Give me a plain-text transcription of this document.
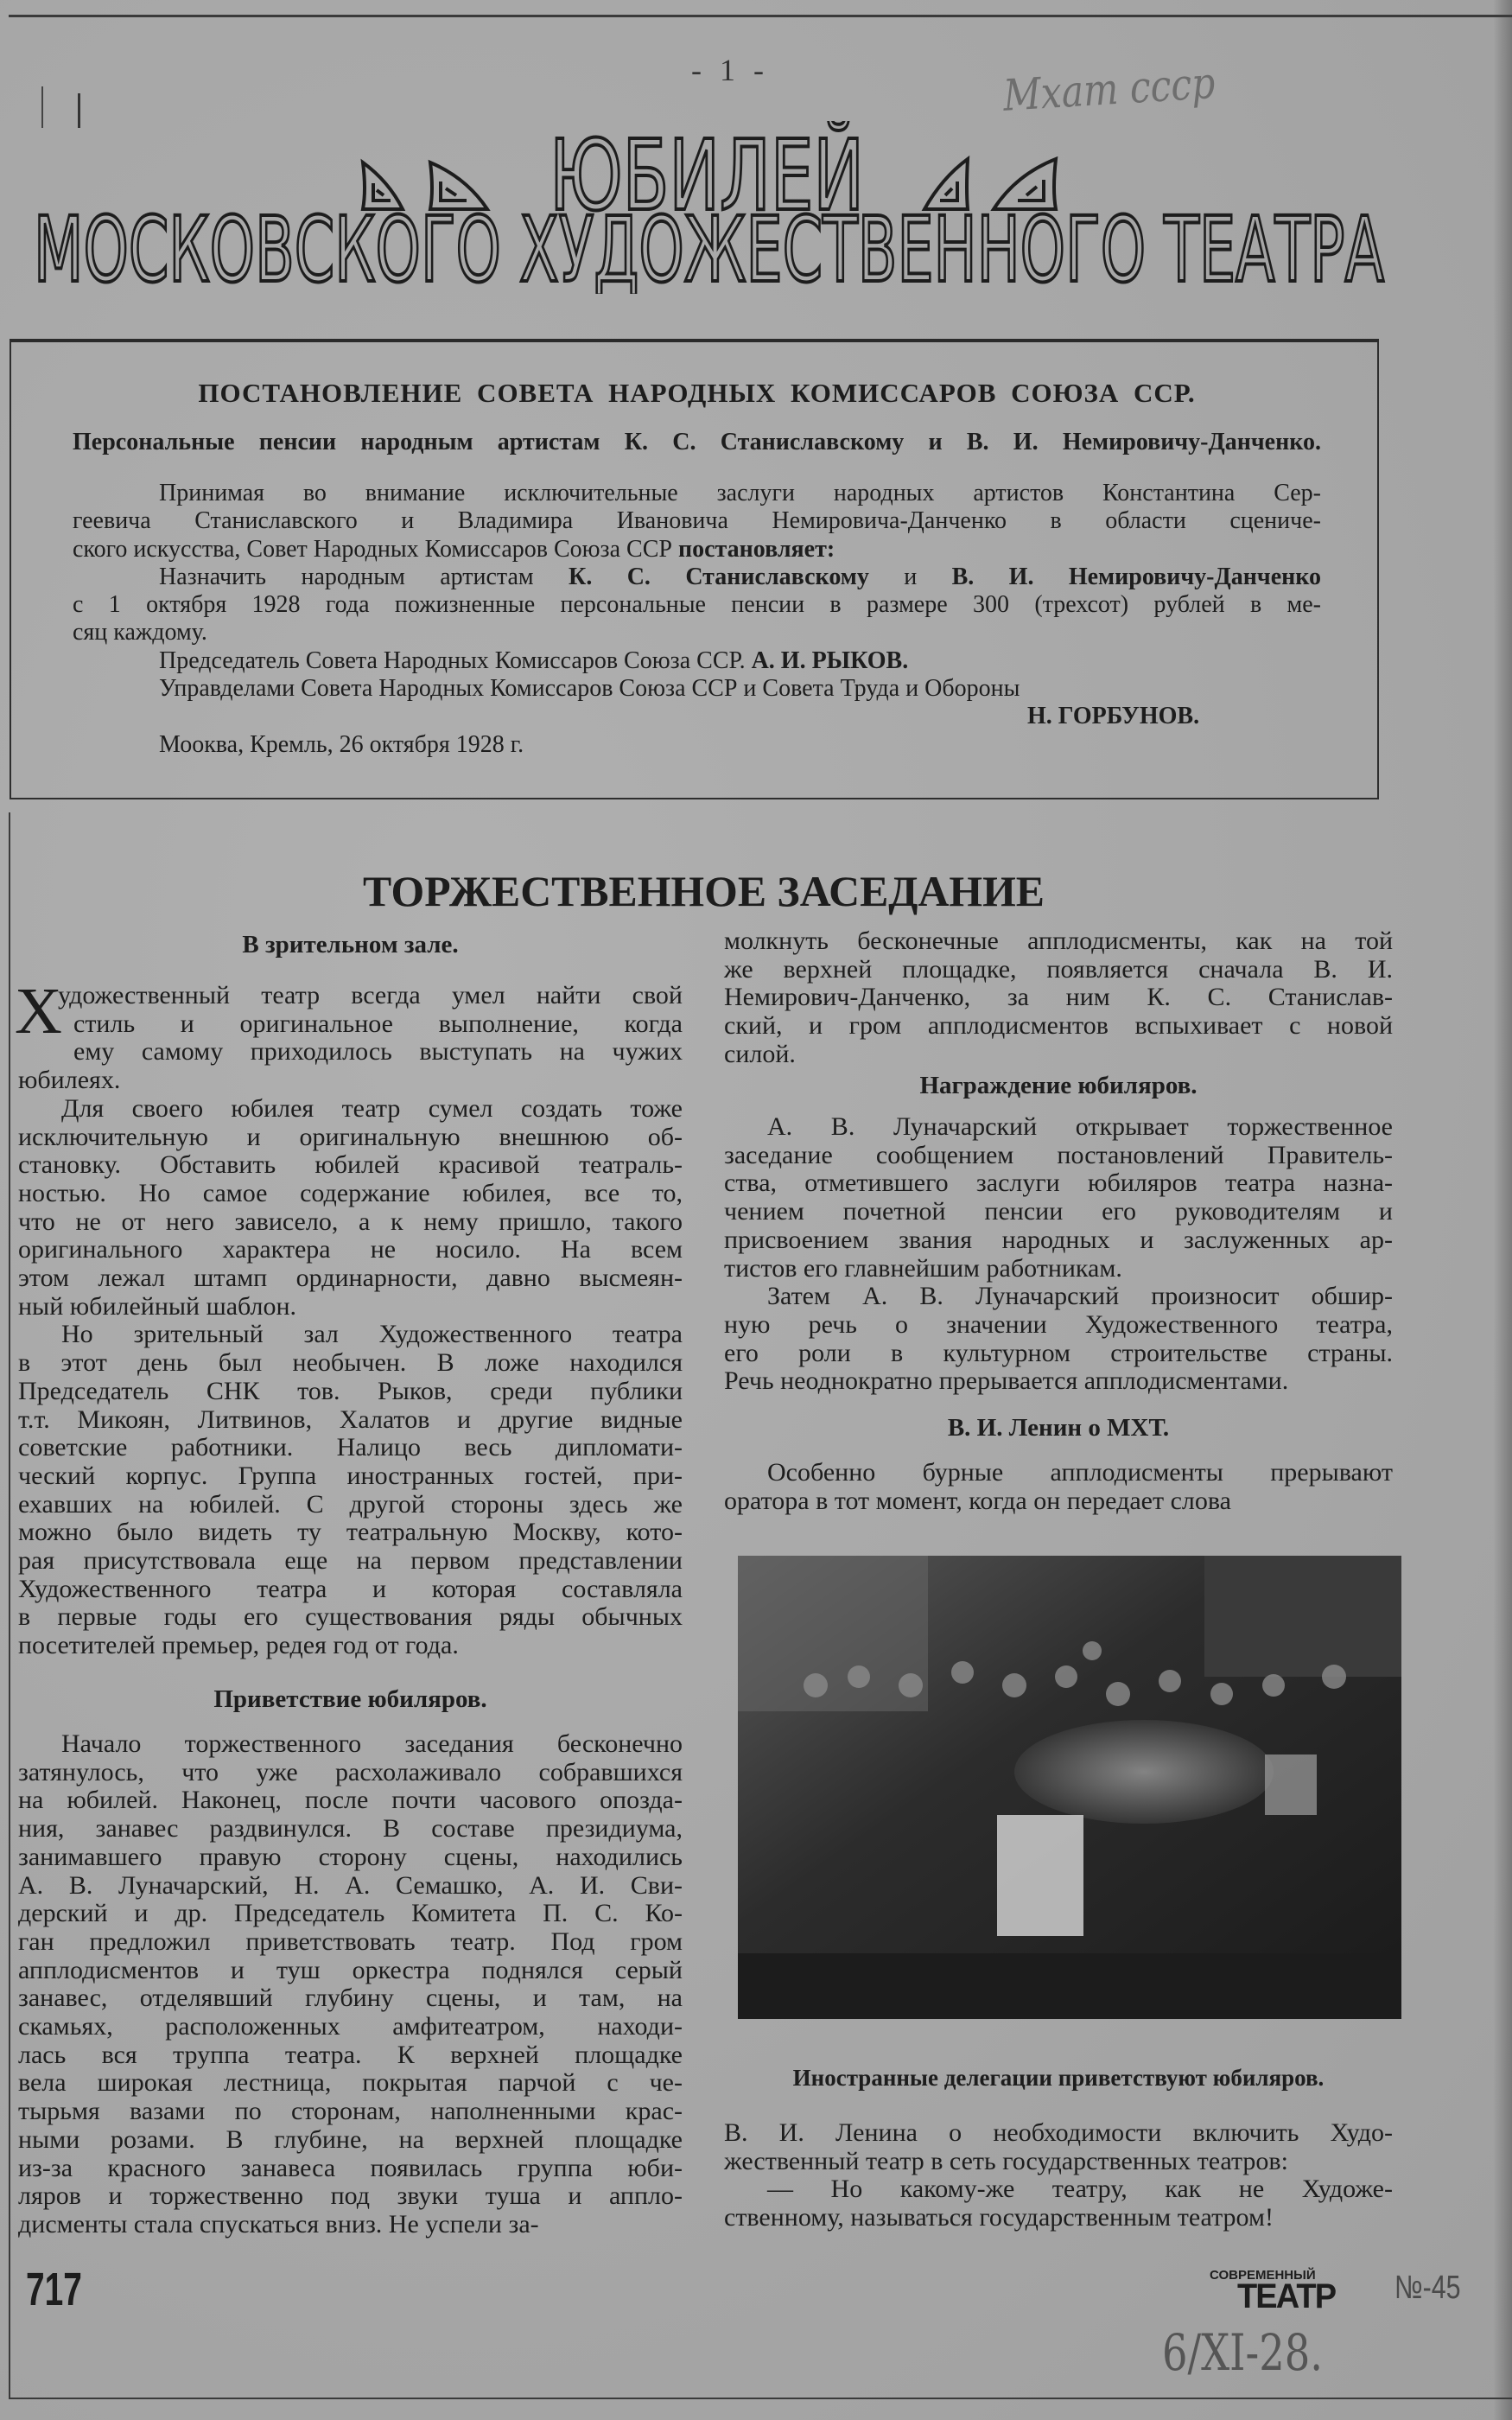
- 1 -	Мхат ссср
ЮБИЛЕЙ
МОСКОВСКОГО ХУДОЖЕСТВЕННОГО ТЕАТРА
ПОСТАНОВЛЕНИЕ СОВЕТА НАРОДНЫХ КОМИССАРОВ СОЮЗА ССР.
Персональные пенсии народным артистам К. С. Станиславскому и В. И. Немировичу-Данченко.
Принимая во внимание исключительные заслуги народных артистов Константина Сер-
геевича Станиславского и Владимира Ивановича Немировича-Данченко в области сцениче-
ского искусства, Совет Народных Комиссаров Союза ССР постановляет:
Назначить народным артистам К. С. Станиславскому и В. И. Немировичу-Данченко
с 1 октября 1928 года пожизненные персональные пенсии в размере 300 (трехсот) рублей в ме-
сяц каждому.
Председатель Совета Народных Комиссаров Союза ССР. А. И. РЫКОВ.
Управделами Совета Народных Комиссаров Союза ССР и Совета Труда и Обороны
Н. ГОРБУНОВ.
Мооква, Кремль, 26 октября 1928 г.
ТОРЖЕСТВЕННОЕ ЗАСЕДАНИЕ
В зрительном зале.
Х
удожественный театр всегда умел найти свой
стиль и оригинальное выполнение, когда
ему самому приходилось выступать на чужих
юбилеях.
Для своего юбилея театр сумел создать тоже
исключительную и оригинальную внешнюю об-
становку. Обставить юбилей красивой театраль-
ностью. Но самое содержание юбилея, все то,
что не от него зависело, а к нему пришло, такого
оригинального характера не носило. На всем
этом лежал штамп ординарности, давно высмеян-
ный юбилейный шаблон.
Но зрительный зал Художественного театра
в этот день был необычен. В ложе находился
Председатель СНК тов. Рыков, среди публики
т.т. Микоян, Литвинов, Халатов и другие видные
советские работники. Налицо весь дипломати-
ческий корпус. Группа иностранных гостей, при-
ехавших на юбилей. С другой стороны здесь же
можно было видеть ту театральную Москву, кото-
рая присутствовала еще на первом представлении
Художественного театра и которая составляла
в первые годы его существования ряды обычных
посетителей премьер, редея год от года.
Приветствие юбиляров.
Начало торжественного заседания бесконечно
затянулось, что уже расхолаживало собравшихся
на юбилей. Наконец, после почти часового опозда-
ния, занавес раздвинулся. В составе президиума,
занимавшего правую сторону сцены, находились
А. В. Луначарский, Н. А. Семашко, А. И. Сви-
дерский и др. Председатель Комитета П. С. Ко-
ган предложил приветствовать театр. Под гром
апплодисментов и туш оркестра поднялся серый
занавес, отделявший глубину сцены, и там, на
скамьях, расположенных амфитеатром, находи-
лась вся труппа театра. К верхней площадке
вела широкая лестница, покрытая парчой с че-
тырьмя вазами по сторонам, наполненными крас-
ными розами. В глубине, на верхней площадке
из-за красного занавеса появилась группа юби-
ляров и торжественно под звуки туша и аппло-
дисменты стала спускаться вниз. Не успели за-
молкнуть бесконечные апплодисменты, как на той
же верхней площадке, появляется сначала В. И.
Немирович-Данченко, за ним К. С. Станислав-
ский, и гром апплодисментов вспыхивает с новой
силой.
Награждение юбиляров.
А. В. Луначарский открывает торжественное
заседание сообщением постановлений Правитель-
ства, отметившего заслуги юбиляров театра назна-
чением почетной пенсии его руководителям и
присвоением звания народных и заслуженных ар-
тистов его главнейшим работникам.
Затем А. В. Луначарский произносит обшир-
ную речь о значении Художественного театра,
его роли в культурном строительстве страны.
Речь неоднократно прерывается апплодисментами.
В. И. Ленин о МХТ.
Особенно бурные апплодисменты прерывают
оратора в тот момент, когда он передает слова
Иностранные делегации приветствуют юбиляров.
В. И. Ленина о необходимости включить Худо-
жественный театр в сеть государственных театров:
— Но какому-же театру, как не Художе-
ственному, называться государственным театром!
717	СОВРЕМЕННЫЙ
ТЕАТР №-45
6/XI-28.
